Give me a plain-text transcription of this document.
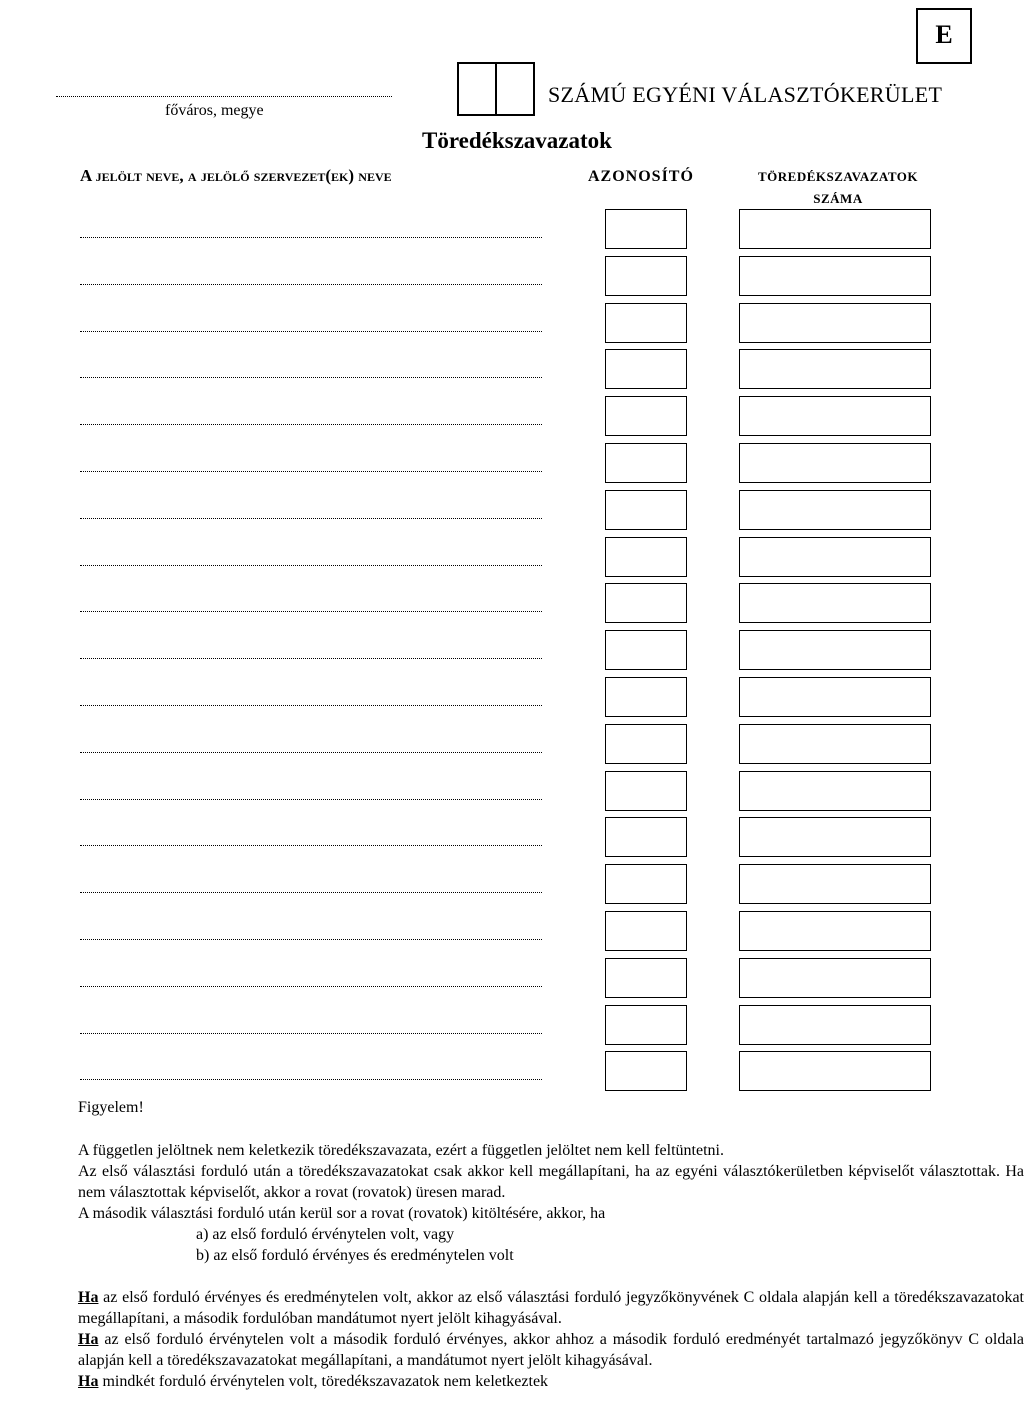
E
főváros, megye
SZÁMÚ EGYÉNI VÁLASZTÓKERÜLET
Töredékszavazatok
A jelölt neve, a jelölő szervezet(ek) neve	AZONOSÍTÓ	TÖREDÉKSZAVAZATOK
SZÁMA

Figyelem!

A független jelöltnek nem keletkezik töredékszavazata, ezért a független jelöltet nem kell feltüntetni.

Az első választási forduló után a töredékszavazatokat csak akkor kell megállapítani, ha az egyéni választókerületben képviselőt választottak. Ha nem választottak képviselőt, akkor a rovat (rovatok) üresen marad.

A második választási forduló után kerül sor a rovat (rovatok) kitöltésére, akkor, ha

a) az első forduló érvénytelen volt, vagy

b) az első forduló érvényes és eredménytelen volt

Ha az első forduló érvényes és eredménytelen volt, akkor az első választási forduló jegyzőkönyvének C oldala alapján kell a töredékszavazatokat megállapítani, a második fordulóban mandátumot nyert jelölt kihagyásával.

Ha az első forduló érvénytelen volt a második forduló érvényes, akkor ahhoz a második forduló eredményét tartalmazó jegyzőkönyv C oldala alapján kell a töredékszavazatokat megállapítani, a mandátumot nyert jelölt kihagyásával.

Ha mindkét forduló érvénytelen volt, töredékszavazatok nem keletkeztek
